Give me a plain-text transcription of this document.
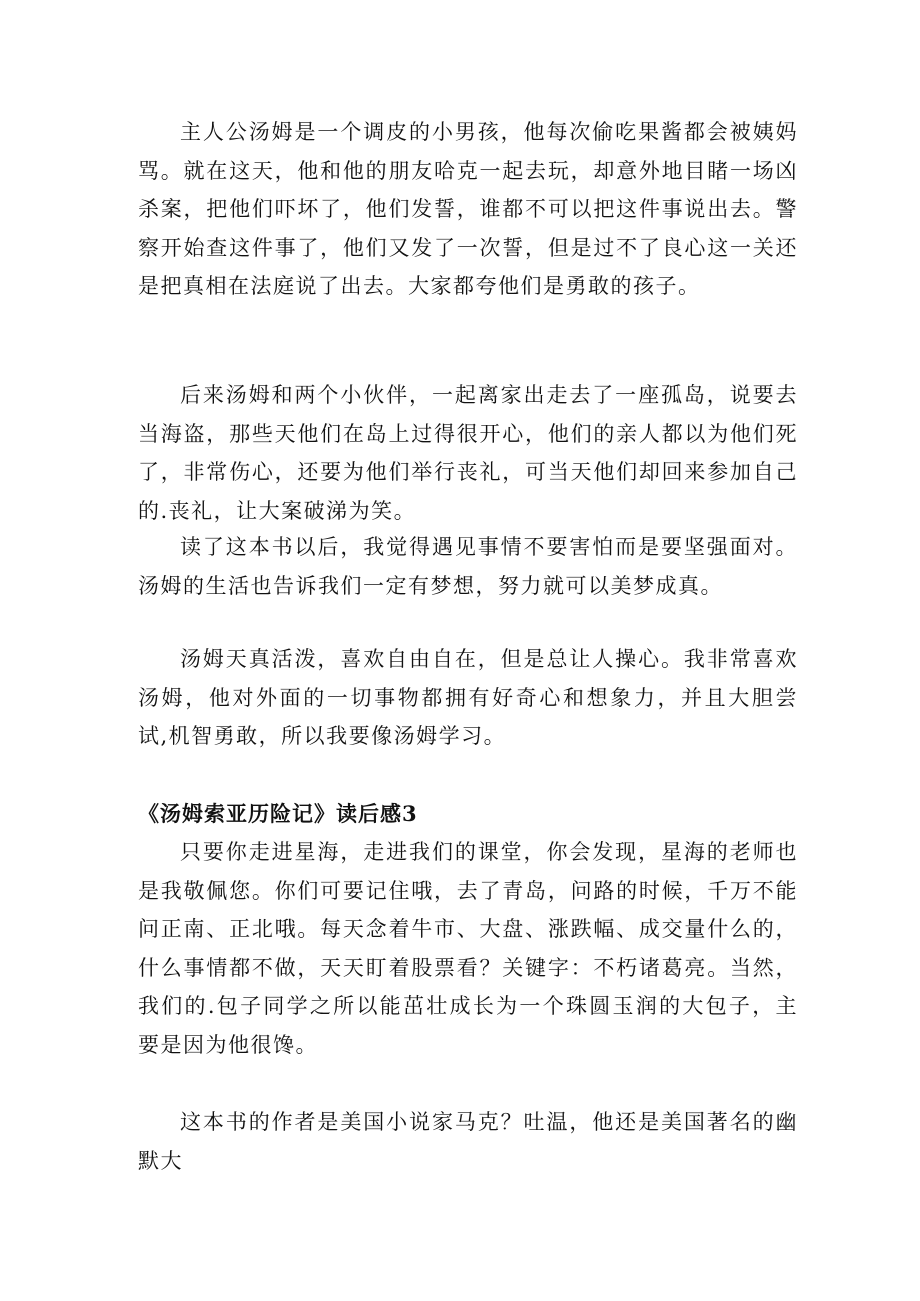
主人公汤姆是一个调皮的小男孩，他每次偷吃果酱都会被姨妈骂。就在这天，他和他的朋友哈克一起去玩，却意外地目睹一场凶杀案，把他们吓坏了，他们发誓，谁都不可以把这件事说出去。警察开始查这件事了，他们又发了一次誓，但是过不了良心这一关还是把真相在法庭说了出去。大家都夸他们是勇敢的孩子。

后来汤姆和两个小伙伴，一起离家出走去了一座孤岛，说要去当海盗，那些天他们在岛上过得很开心，他们的亲人都以为他们死了，非常伤心，还要为他们举行丧礼，可当天他们却回来参加自己的.丧礼，让大案破涕为笑。

读了这本书以后，我觉得遇见事情不要害怕而是要坚强面对。汤姆的生活也告诉我们一定有梦想，努力就可以美梦成真。

汤姆天真活泼，喜欢自由自在，但是总让人操心。我非常喜欢汤姆，他对外面的一切事物都拥有好奇心和想象力，并且大胆尝试,机智勇敢，所以我要像汤姆学习。

《汤姆索亚历险记》读后感3

只要你走进星海，走进我们的课堂，你会发现，星海的老师也是我敬佩您。你们可要记住哦，去了青岛，问路的时候，千万不能问正南、正北哦。每天念着牛市、大盘、涨跌幅、成交量什么的，什么事情都不做，天天盯着股票看？关键字：不朽诸葛亮。当然，我们的.包子同学之所以能茁壮成长为一个珠圆玉润的大包子，主要是因为他很馋。

这本书的作者是美国小说家马克？吐温，他还是美国著名的幽默大
